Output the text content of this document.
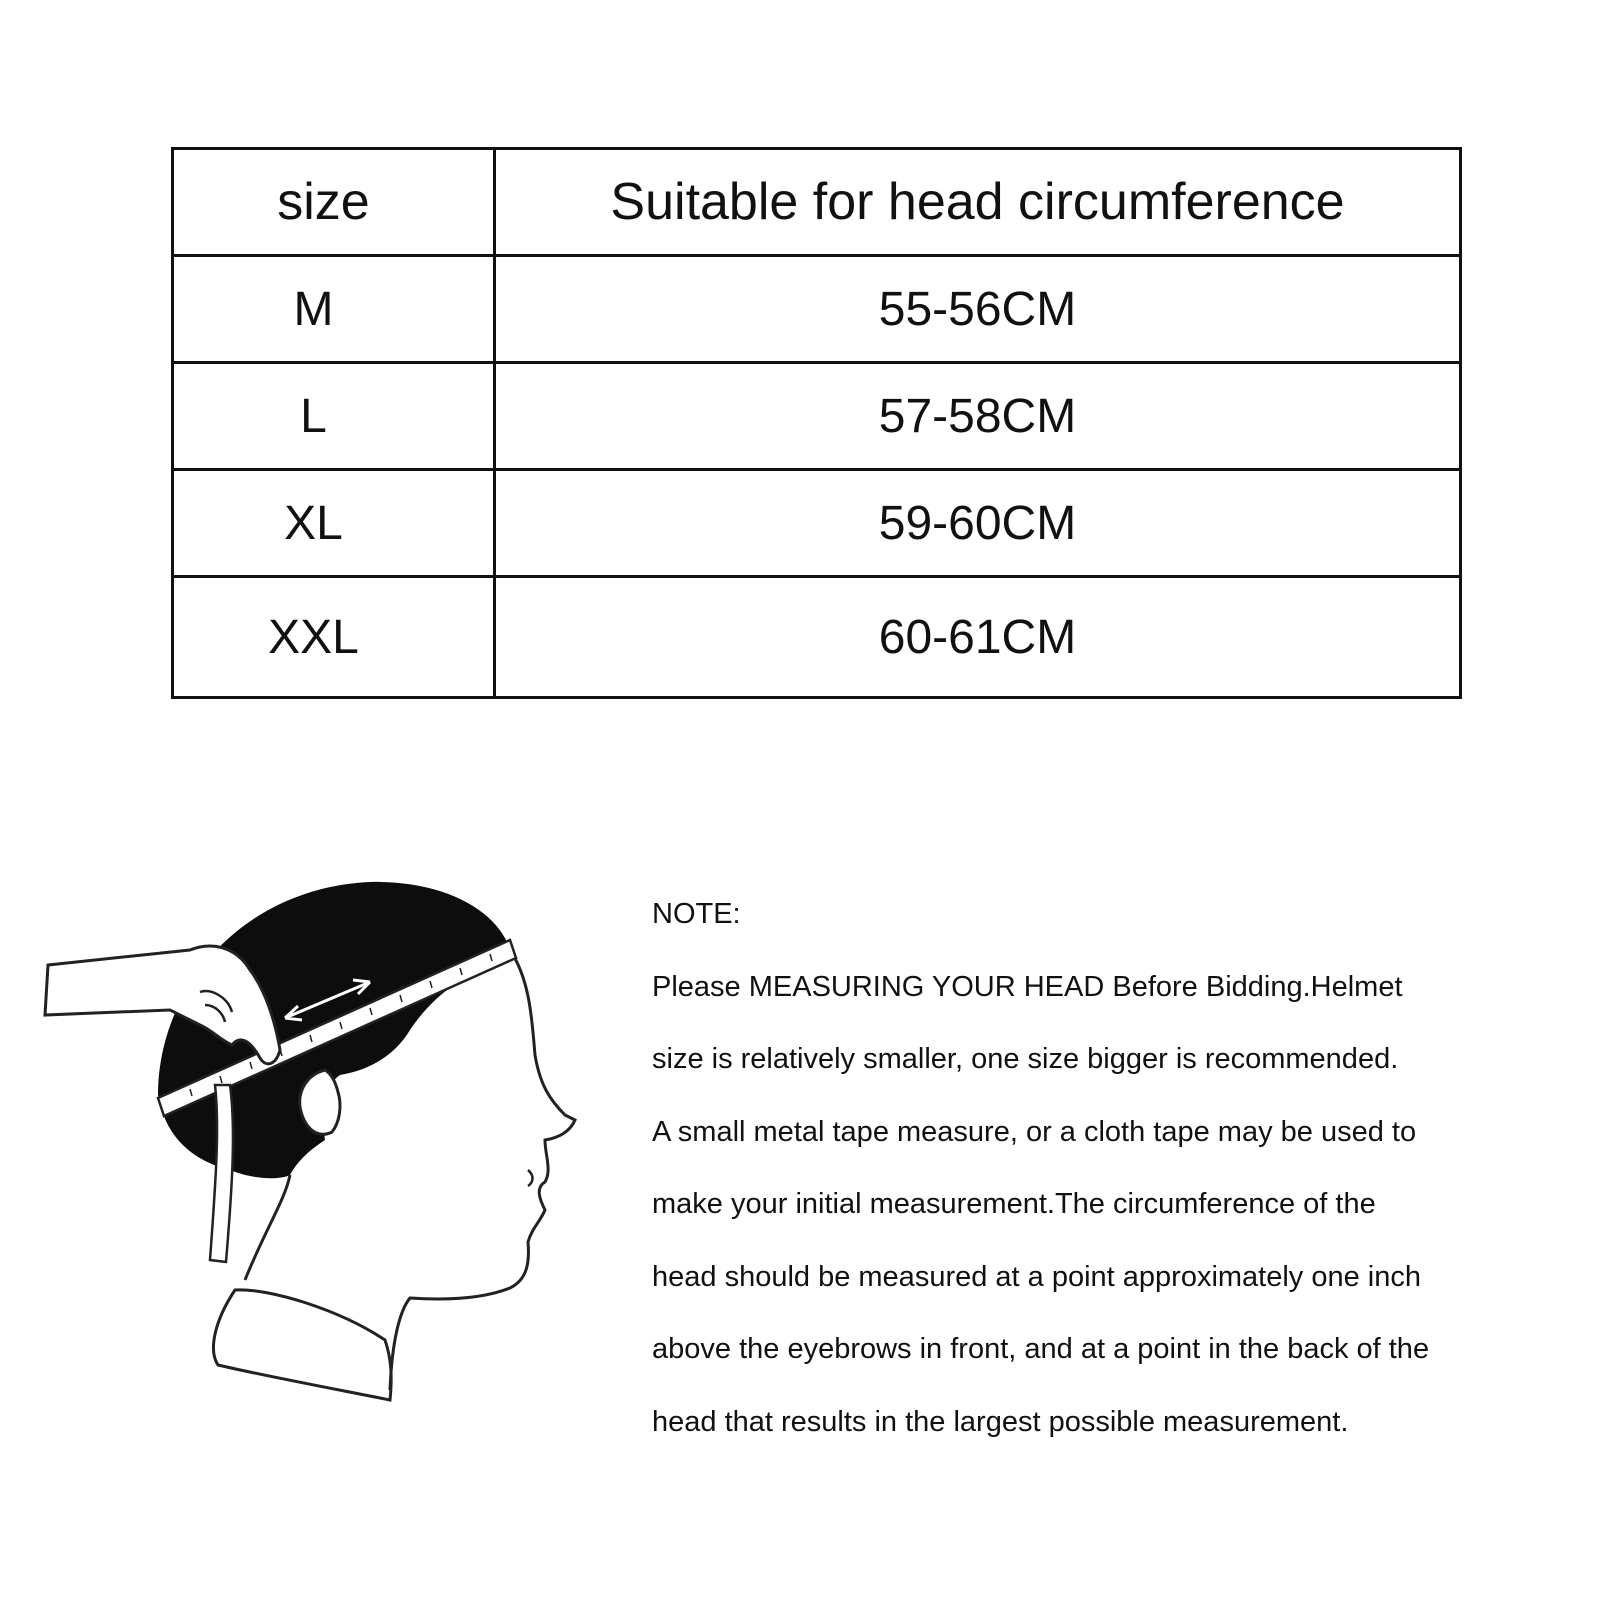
size	Suitable for head circumference
M	55-56CM
L	57-58CM
XL	59-60CM
XXL	60-61CM
NOTE:
Please MEASURING YOUR HEAD Before Bidding.Helmet
size is relatively smaller, one size bigger is recommended.
A small metal tape measure, or a cloth tape may be used to
make your initial measurement.The circumference of the
head should be measured at a point approximately one inch
above the eyebrows in front, and at a point in the back of the
head that results in the largest possible measurement.
